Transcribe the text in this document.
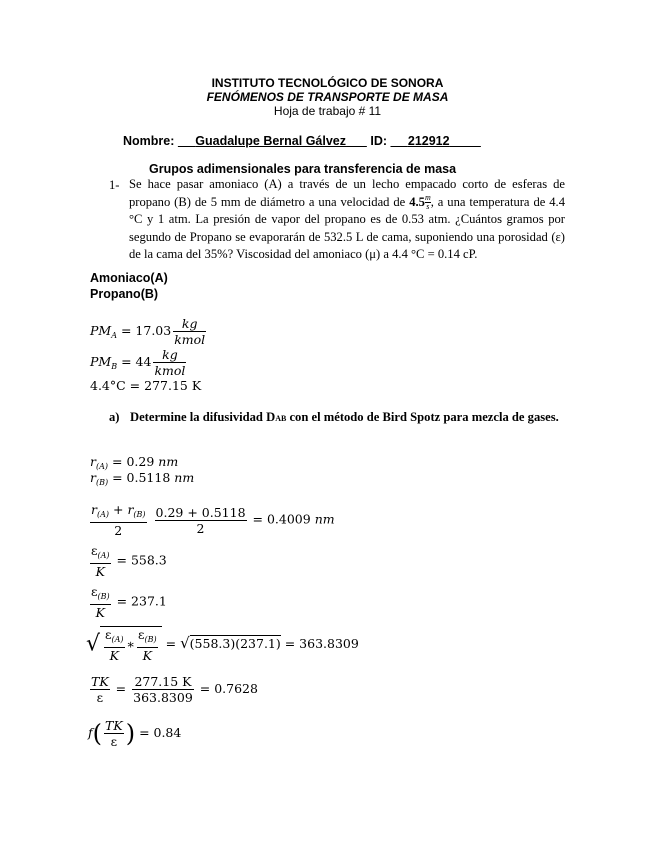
INSTITUTO TECNOLÓGICO DE SONORA
FENÓMENOS DE TRANSPORTE DE MASA
Hoja de trabajo # 11
Nombre: Guadalupe Bernal Gálvez ID: 212912
Grupos adimensionales para transferencia de masa
1- Se hace pasar amoniaco (A) a través de un lecho empacado corto de esferas de propano (B) de 5 mm de diámetro a una velocidad de $4.5 \frac{m}{s}$ , a una temperatura de 4.4 °C y 1 atm. La presión de vapor del propano es de 0.53 atm. ¿Cuántos gramos por segundo de Propano se evaporarán de 532.5 L de cama, suponiendo una porosidad (ε) de la cama del 35%? Viscosidad del amoniaco (μ) a 4.4 °C = 0.14 cP.
Amoniaco(A)
Propano(B)
$PM_A = 17.03 \frac{kg}{\text{kmol}}$
$PM_B = 44 \frac{kg}{\text{kmol}}$
4.4°C = 277.15 K
a) Determine la difusividad DAB con el método de Bird Spotz para mezcla de gases.
$r_{(A)} = 0.29$ nm
$r_{(B)} = 0.5118$ nm
$\frac{r_{(A)} + r_{(B)}}{2}$
$\frac{0.29 + 0.5118}{2} = 0.4009$ nm
$\frac{\varepsilon_{(A)}}{K} = 558.3$
$\frac{\varepsilon_{(B)}}{K} = 237.1$
√ $\frac{\varepsilon_{(A)}}{K}$ ∗ $\frac{\varepsilon_{(B)}}{K} = √(558.3)(237.1) = 363.8309$
$\frac{TK}{\varepsilon} = \frac{277.15 K}{363.8309} = 0.7628$
$f( \frac{TK}{\varepsilon}$ ) = 0.84
